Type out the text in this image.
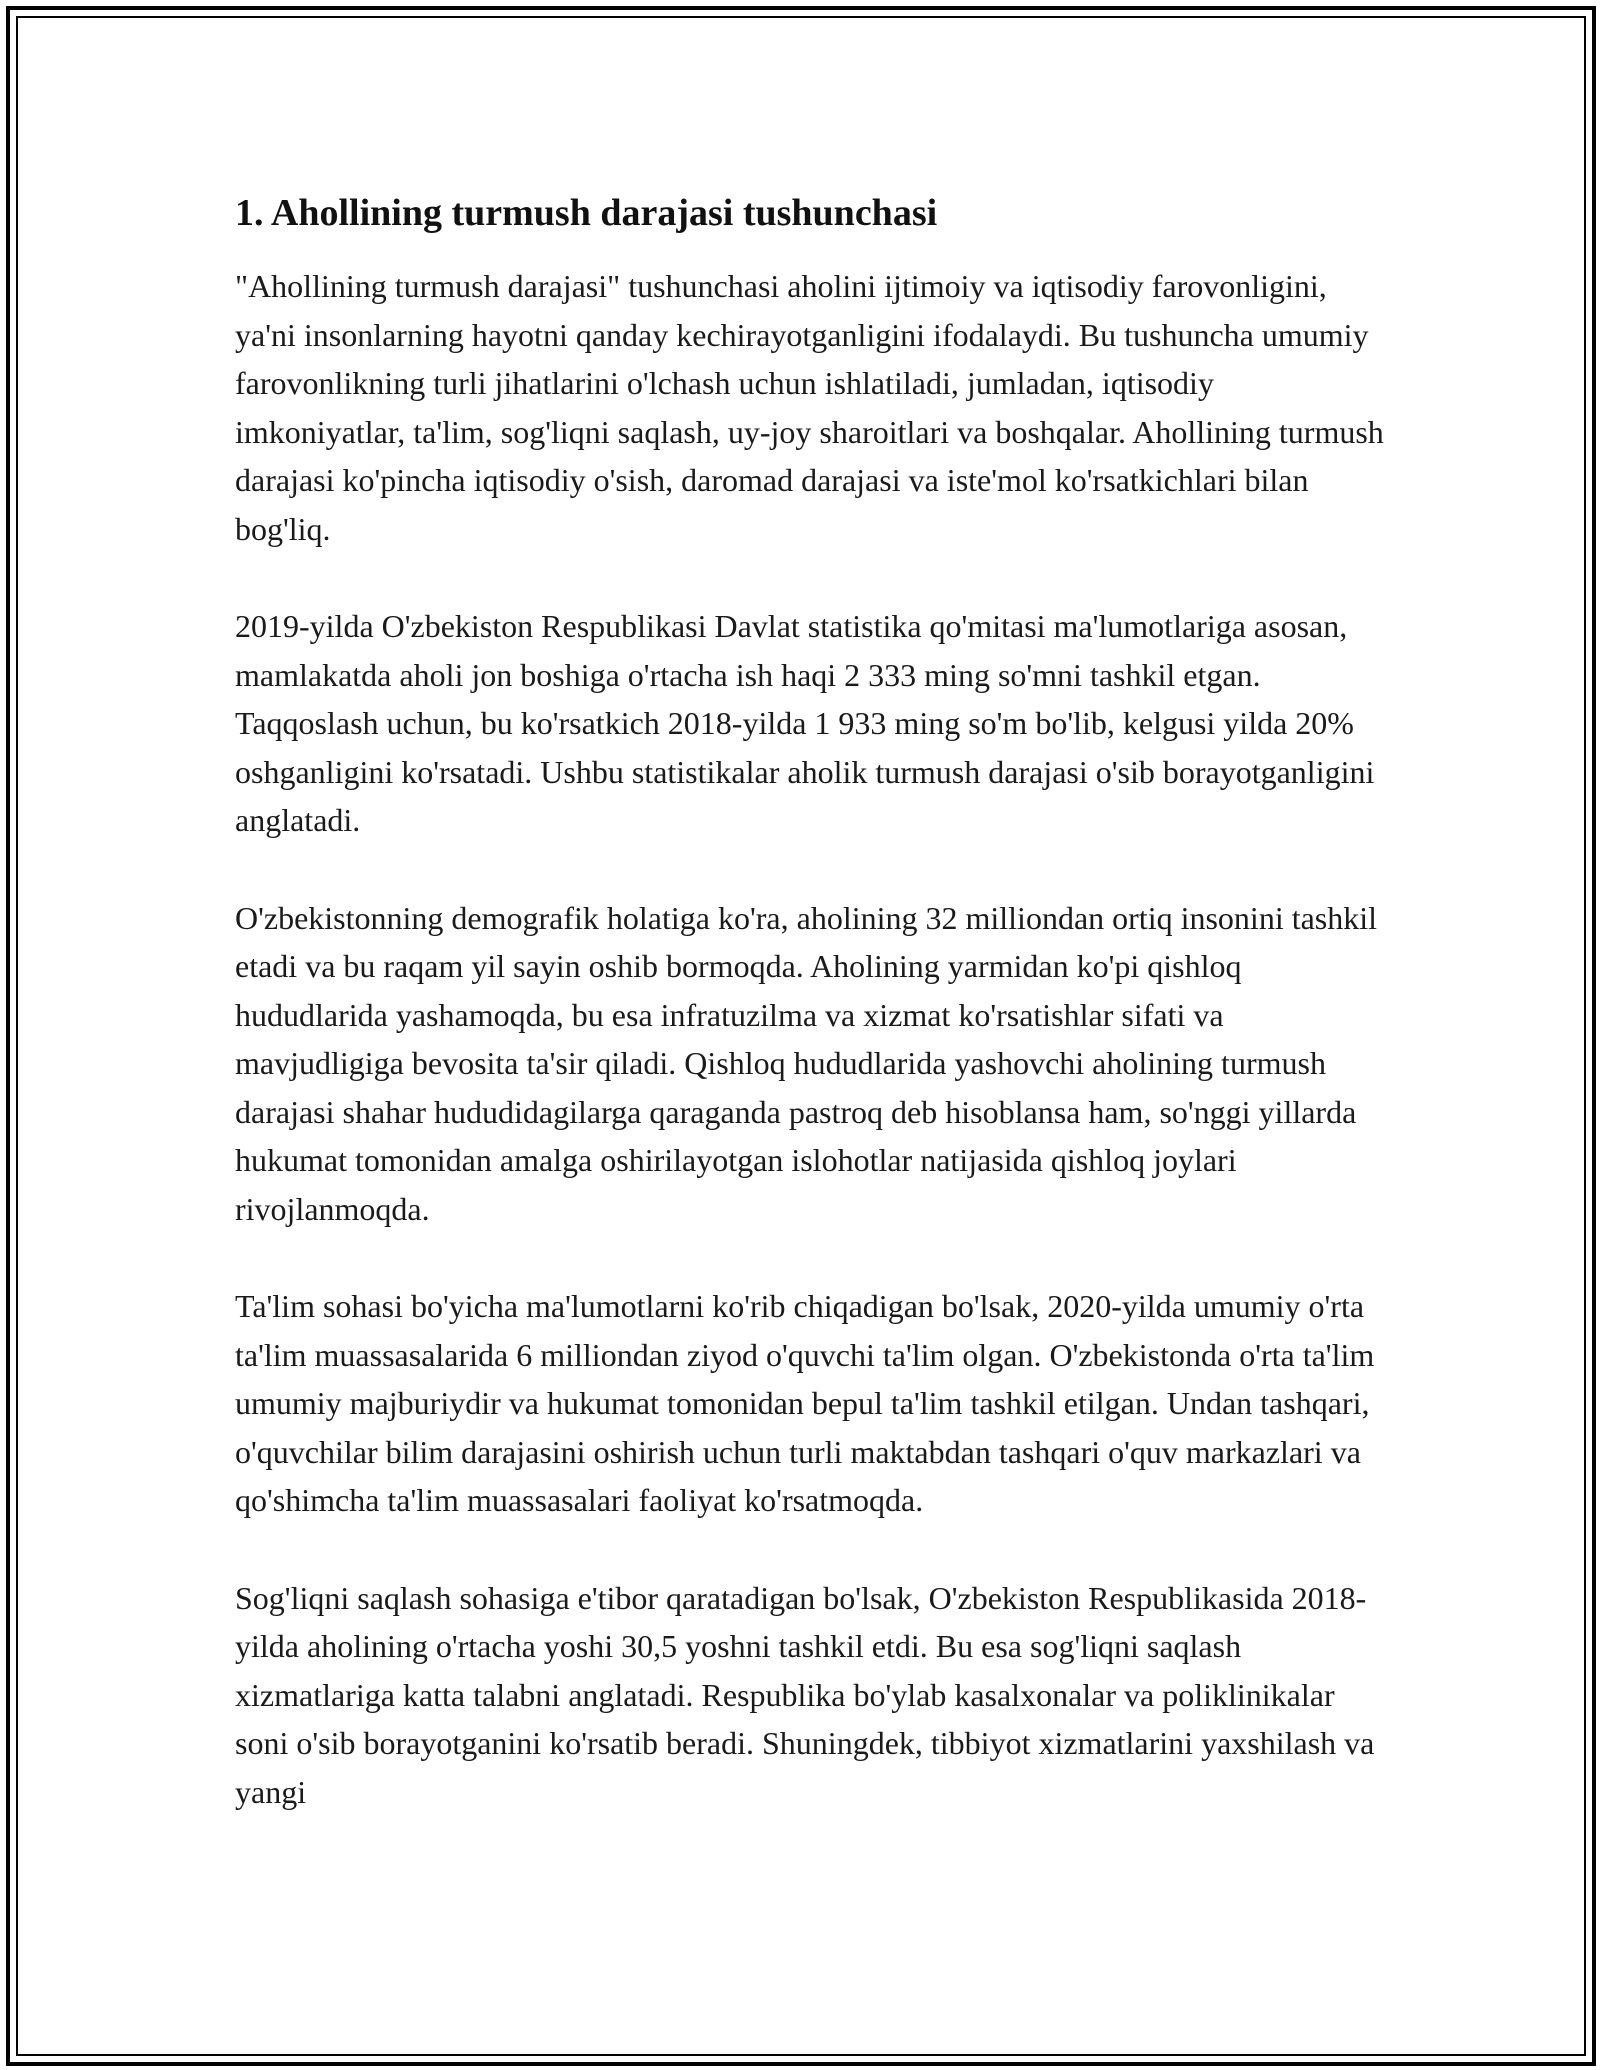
1. Ahollining turmush darajasi tushunchasi

"Ahollining turmush darajasi" tushunchasi aholini ijtimoiy va iqtisodiy farovonligini, ya'ni insonlarning hayotni qanday kechirayotganligini ifodalaydi. Bu tushuncha umumiy farovonlikning turli jihatlarini o'lchash uchun ishlatiladi, jumladan, iqtisodiy imkoniyatlar, ta'lim, sog'liqni saqlash, uy-joy sharoitlari va boshqalar. Ahollining turmush darajasi ko'pincha iqtisodiy o'sish, daromad darajasi va iste'mol ko'rsatkichlari bilan bog'liq.

2019-yilda O'zbekiston Respublikasi Davlat statistika qo'mitasi ma'lumotlariga asosan, mamlakatda aholi jon boshiga o'rtacha ish haqi 2 333 ming so'mni tashkil etgan. Taqqoslash uchun, bu ko'rsatkich 2018-yilda 1 933 ming so'm bo'lib, kelgusi yilda 20% oshganligini ko'rsatadi. Ushbu statistikalar aholik turmush darajasi o'sib borayotganligini anglatadi.

O'zbekistonning demografik holatiga ko'ra, aholining 32 milliondan ortiq insonini tashkil etadi va bu raqam yil sayin oshib bormoqda. Aholining yarmidan ko'pi qishloq hududlarida yashamoqda, bu esa infratuzilma va xizmat ko'rsatishlar sifati va mavjudligiga bevosita ta'sir qiladi. Qishloq hududlarida yashovchi aholining turmush darajasi shahar hududidagilarga qaraganda pastroq deb hisoblansa ham, so'nggi yillarda hukumat tomonidan amalga oshirilayotgan islohotlar natijasida qishloq joylari rivojlanmoqda.

Ta'lim sohasi bo'yicha ma'lumotlarni ko'rib chiqadigan bo'lsak, 2020-yilda umumiy o'rta ta'lim muassasalarida 6 milliondan ziyod o'quvchi ta'lim olgan. O'zbekistonda o'rta ta'lim umumiy majburiydir va hukumat tomonidan bepul ta'lim tashkil etilgan. Undan tashqari, o'quvchilar bilim darajasini oshirish uchun turli maktabdan tashqari o'quv markazlari va qo'shimcha ta'lim muassasalari faoliyat ko'rsatmoqda.

Sog'liqni saqlash sohasiga e'tibor qaratadigan bo'lsak, O'zbekiston Respublikasida 2018-yilda aholining o'rtacha yoshi 30,5 yoshni tashkil etdi. Bu esa sog'liqni saqlash xizmatlariga katta talabni anglatadi. Respublika bo'ylab kasalxonalar va poliklinikalar soni o'sib borayotganini ko'rsatib beradi. Shuningdek, tibbiyot xizmatlarini yaxshilash va yangi
